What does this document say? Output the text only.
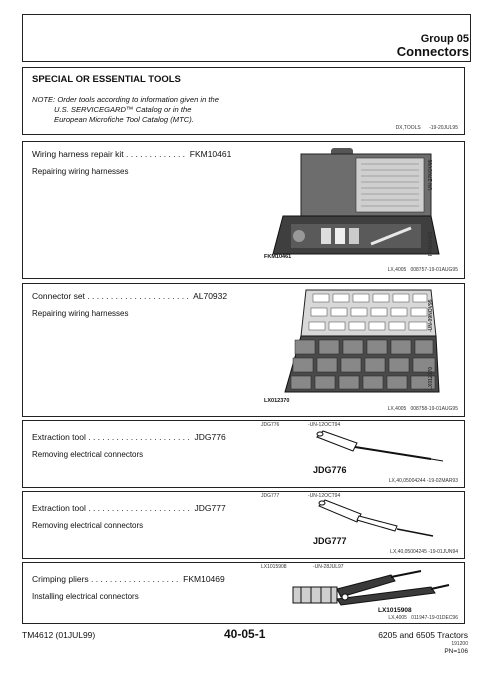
Group 05
Connectors
SPECIAL OR ESSENTIAL TOOLS
NOTE: Order tools according to information given in the
U.S. SERVICEGARD™ Catalog or in the
European Microfiche Tool Catalog (MTC).
DX,TOOLS      -19-20JUL95
Wiring harness repair kit . . . . . . . . . . . . .  FKM10461
Repairing wiring harnesses
FKM10461
-UN-27NOV95
FKM10461
LX,4005   008757-19-01AUG95
Connector set . . . . . . . . . . . . . . . . . . . . . .  AL70932
Repairing wiring harnesses
LX012370
-UN-09NOV95
LX012370
LX,4005   008758-19-01AUG95
JDG776	-UN-12OCT94
Extraction tool . . . . . . . . . . . . . . . . . . . . . .  JDG776
Removing electrical connectors
JDG776
LX,40,05004244 -19-02MAR93
JDG777	-UN-12OCT94
Extraction tool . . . . . . . . . . . . . . . . . . . . . .  JDG777
Removing electrical connectors
JDG777
LX,40,05004245 -19-01JUN94
LX1015908	-UN-28JUL97
Crimping pliers . . . . . . . . . . . . . . . . . . .  FKM10469
Installing electrical connectors
LX1015908
LX,4005   011947-19-01DEC96
TM4612 (01JUL99)	40-05-1	6205 and 6505 Tractors
191200
PN=106
